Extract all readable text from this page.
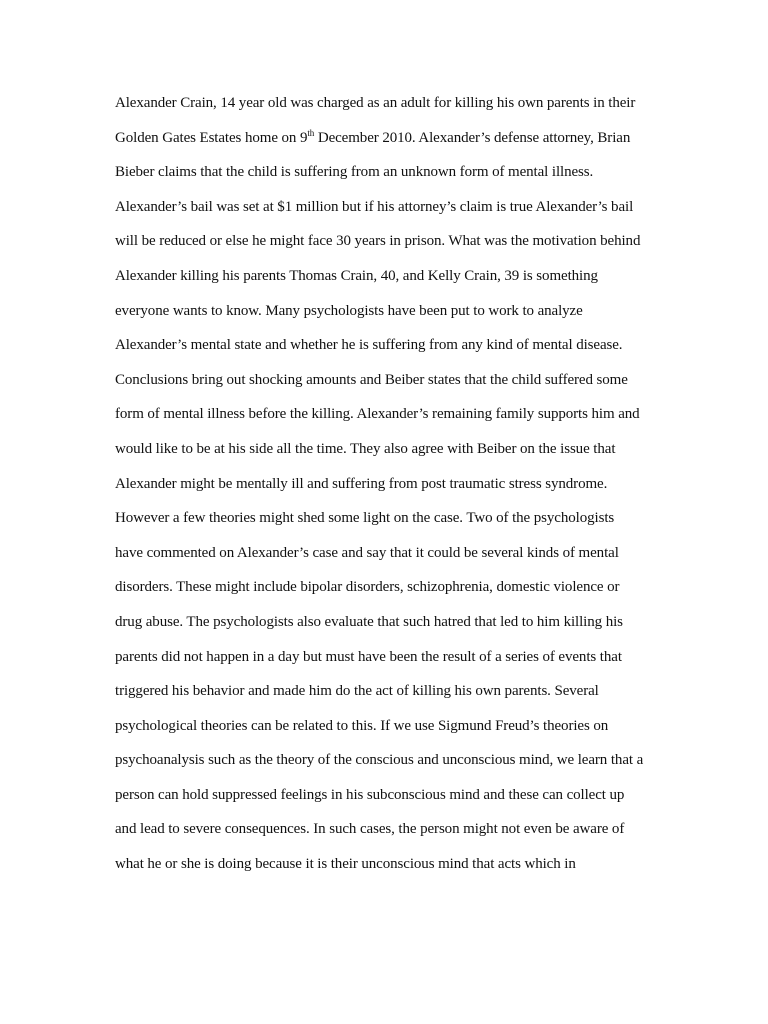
Alexander Crain, 14 year old was charged as an adult for killing his own parents in their
Golden Gates Estates home on 9th December 2010. Alexander’s defense attorney, Brian
Bieber claims that the child is suffering from an unknown form of mental illness.
Alexander’s bail was set at $1 million but if his attorney’s claim is true Alexander’s bail
will be reduced or else he might face 30 years in prison. What was the motivation behind
Alexander killing his parents Thomas Crain, 40, and Kelly Crain, 39 is something
everyone wants to know. Many psychologists have been put to work to analyze
Alexander’s mental state and whether he is suffering from any kind of mental disease.
Conclusions bring out shocking amounts and Beiber states that the child suffered some
form of mental illness before the killing. Alexander’s remaining family supports him and
would like to be at his side all the time. They also agree with Beiber on the issue that
Alexander might be mentally ill and suffering from post traumatic stress syndrome.
However a few theories might shed some light on the case. Two of the psychologists
have commented on Alexander’s case and say that it could be several kinds of mental
disorders. These might include bipolar disorders, schizophrenia, domestic violence or
drug abuse. The psychologists also evaluate that such hatred that led to him killing his
parents did not happen in a day but must have been the result of a series of events that
triggered his behavior and made him do the act of killing his own parents. Several
psychological theories can be related to this. If we use Sigmund Freud’s theories on
psychoanalysis such as the theory of the conscious and unconscious mind, we learn that a
person can hold suppressed feelings in his subconscious mind and these can collect up
and lead to severe consequences. In such cases, the person might not even be aware of
what he or she is doing because it is their unconscious mind that acts which in
